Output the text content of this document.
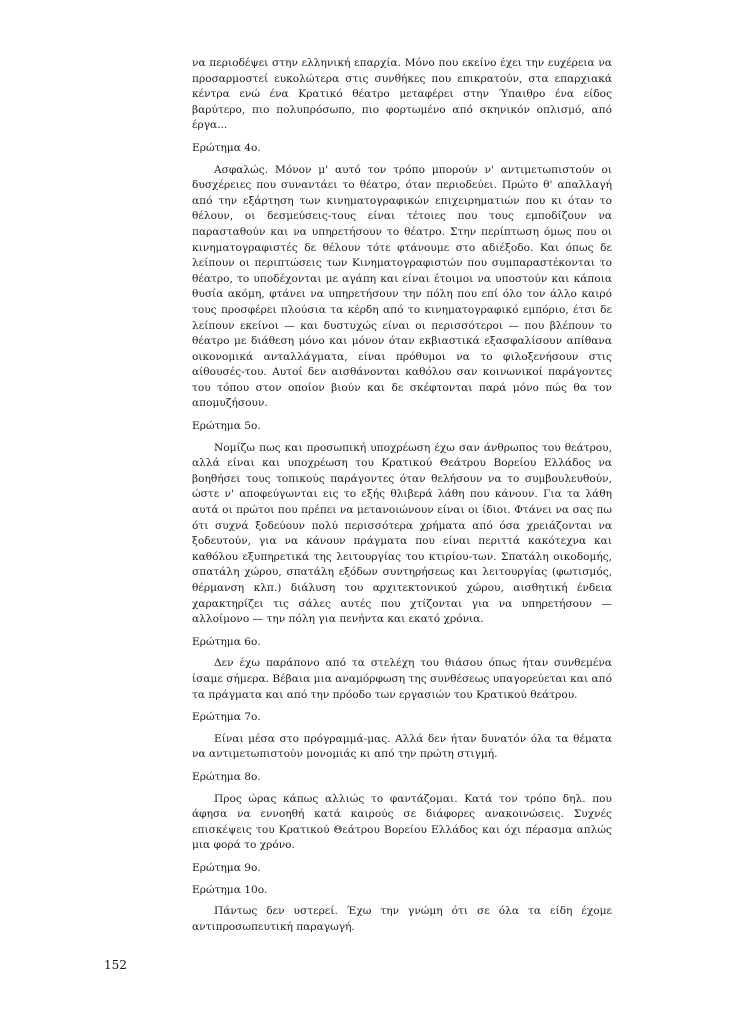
να περιοδέψει στην ελληνική επαρχία. Μόνο που εκείνο έχει την ευχέρεια να προσαρμοστεί ευκολώτερα στις συνθήκες που επικρατούν, στα επαρχιακά κέντρα ενώ ένα Κρατικό θέατρο μεταφέρει στην Ύπαιθρο ένα είδος βαρύτερο, πιο πολυπρόσωπο, πιο φορτωμένο από σκηνικόν οπλισμό, από έργα...

Ερώτημα 4ο.

Ασφαλώς. Μόνον μ' αυτό τον τρόπο μπορούν ν' αντιμετωπιστούν οι δυσχέρειες που συναντάει το θέατρο, όταν περιοδεύει. Πρώτο θ' απαλλαγή από την εξάρτηση των κινηματογραφικών επιχειρηματιών που κι όταν το θέλουν, οι δεσμεύσεις-τους είναι τέτοιες που τους εμποδίζουν να παρασταθούν και να υπηρετήσουν το θέατρο. Στην περίπτωση όμως που οι κινηματογραφιστές δε θέλουν τότε φτάνουμε στο αδιέξοδο. Και όπως δε λείπουν οι περιπτώσεις των Κινηματογραφιστών που συμπαραστέκονται το θέατρο, το υποδέχονται με αγάπη και είναι έτοιμοι να υποστούν και κάποια θυσία ακόμη, φτάνει να υπηρετήσουν την πόλη που επί όλο τον άλλο καιρό τους προσφέρει πλούσια τα κέρδη από το κινηματογραφικό εμπόριο, έτσι δε λείπουν εκείνοι — και δυστυχώς είναι οι περισσότεροι — που βλέπουν το θέατρο με διάθεση μόνο και μόνον όταν εκβιαστικά εξασφαλίσουν απίθανα οικονομικά ανταλλάγματα, είναι πρόθυμοι να το φιλοξενήσουν στις αίθουσές-του. Αυτοί δεν αισθάνονται καθόλου σαν κοινωνικοί παράγοντες του τόπου στον οποίον βιούν και δε σκέφτονται παρά μόνο πώς θα τον απομυζήσουν.

Ερώτημα 5ο.

Νομίζω πως και προσωπική υποχρέωση έχω σαν άνθρωπος του θεάτρου, αλλά είναι και υποχρέωση του Κρατικού Θεάτρου Βορείου Ελλάδος να βοηθήσει τους τοπικούς παράγοντες όταν θελήσουν να το συμβουλευθούν, ώστε ν' αποφεύγωνται εις το εξής θλιβερά λάθη που κάνουν. Για τα λάθη αυτά οι πρώτοι που πρέπει να μετανοιώνουν είναι οι ίδιοι. Φτάνει να σας πω ότι συχνά ξοδεύουν πολύ περισσότερα χρήματα από όσα χρειάζονται να ξοδευτούν, για να κάνουν πράγματα που είναι περιττά κακότεχνα και καθόλου εξυπηρετικά της λειτουργίας του κτιρίου-των. Σπατάλη οικοδομής, σπατάλη χώρου, σπατάλη εξόδων συντηρήσεως και λειτουργίας (φωτισμός, θέρμανση κλπ.) διάλυση του αρχιτεκτονικού χώρου, αισθητική ένδεια χαρακτηρίζει τις σάλες αυτές που χτίζονται για να υπηρετήσουν — αλλοίμονο — την πόλη για πενήντα και εκατό χρόνια.

Ερώτημα 6ο.

Δεν έχω παράπονο από τα στελέχη του θιάσου όπως ήταν συνθεμένα ίσαμε σήμερα. Βέβαια μια αναμόρφωση της συνθέσεως υπαγορεύεται και από τα πράγματα και από την πρόοδο των εργασιών του Κρατικού θεάτρου.

Ερώτημα 7ο.

Είναι μέσα στο πρόγραμμά-μας. Αλλά δεν ήταν δυνατόν όλα τα θέματα να αντιμετωπιστούν μονομιάς κι από την πρώτη στιγμή.

Ερώτημα 8ο.

Προς ώρας κάπως αλλιώς το φαντάζομαι. Κατά τον τρόπο δηλ. που άφησα να εννοηθή κατά καιρούς σε διάφορες ανακοινώσεις. Συχνές επισκέψεις του Κρατικού Θεάτρου Βορείου Ελλάδος και όχι πέρασμα απλώς μια φορά το χρόνο.

Ερώτημα 9ο.
Ερώτημα 10ο.

Πάντως δεν υστερεί. Έχω την γνώμη ότι σε όλα τα είδη έχομε αντιπροσωπευτική παραγωγή.

152
